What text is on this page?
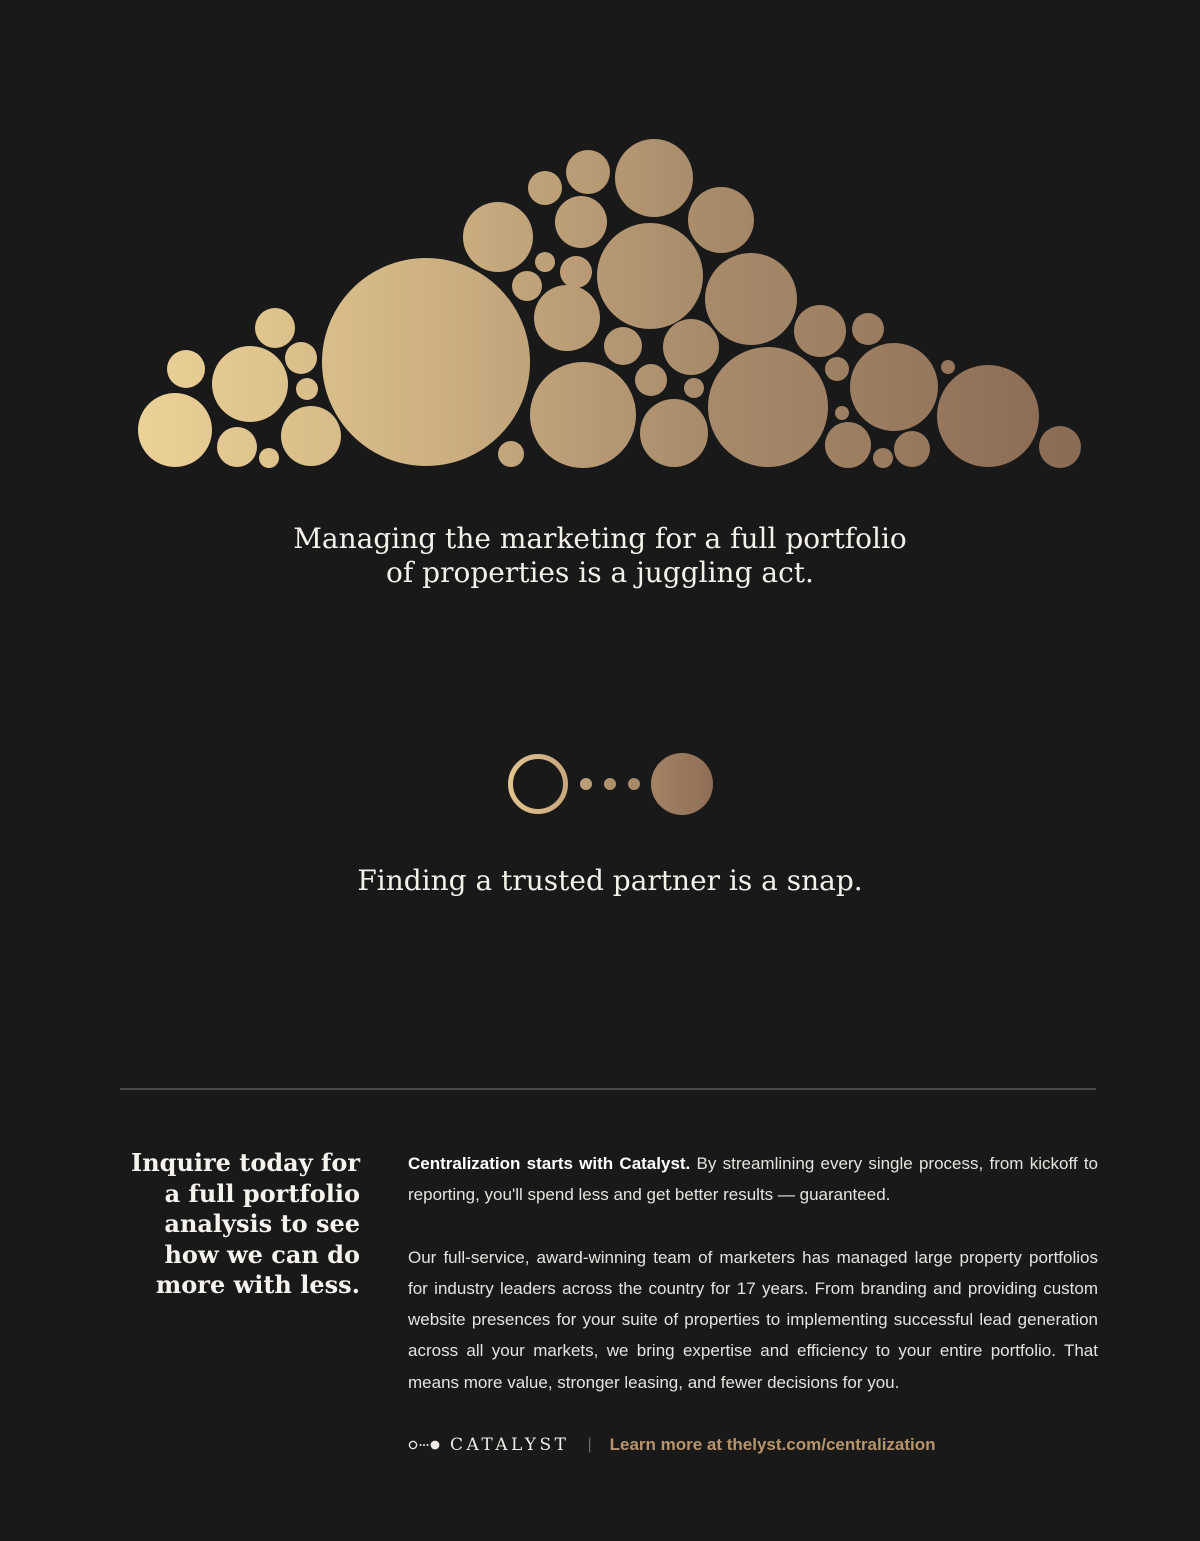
Managing the marketing for a full portfolio
of properties is a juggling act.
Finding a trusted partner is a snap.
Inquire today for
a full portfolio
analysis to see
how we can do
more with less.

Centralization starts with Catalyst. By streamlining every single process, from kickoff to reporting, you'll spend less and get better results — guaranteed.

Our full-service, award-winning team of marketers has managed large property portfolios for industry leaders across the country for 17 years. From branding and providing custom website presences for your suite of properties to implementing successful lead generation across all your markets, we bring expertise and efficiency to your entire portfolio. That means more value, stronger leasing, and fewer decisions for you.

CATALYST | Learn more at thelyst.com/centralization
